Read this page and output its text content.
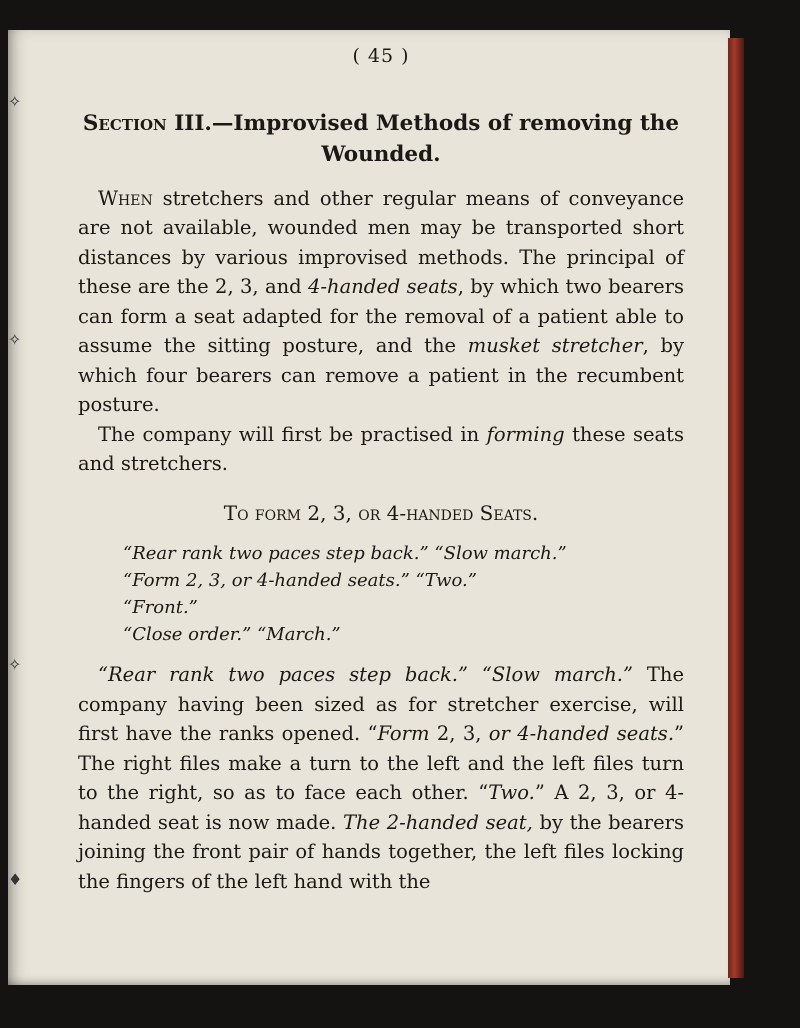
✧
✧
✧
♦
( 45 )
Section III.—Improvised Methods of removing the Wounded.

When stretchers and other regular means of conveyance are not available, wounded men may be transported short distances by various improvised methods. The principal of these are the 2, 3, and 4-handed seats, by which two bearers can form a seat adapted for the removal of a patient able to assume the sitting posture, and the musket stretcher, by which four bearers can remove a patient in the recumbent posture.

The company will first be practised in forming these seats and stretchers.

To form 2, 3, or 4-handed Seats.
“Rear rank two paces step back.” “Slow march.”
“Form 2, 3, or 4-handed seats.” “Two.”
“Front.”
“Close order.” “March.”

“Rear rank two paces step back.” “Slow march.” The company having been sized as for stretcher exercise, will first have the ranks opened. “Form 2, 3, or 4-handed seats.” The right files make a turn to the left and the left files turn to the right, so as to face each other. “Two.” A 2, 3, or 4-handed seat is now made. The 2-handed seat, by the bearers joining the front pair of hands together, the left files locking the fingers of the left hand with the
